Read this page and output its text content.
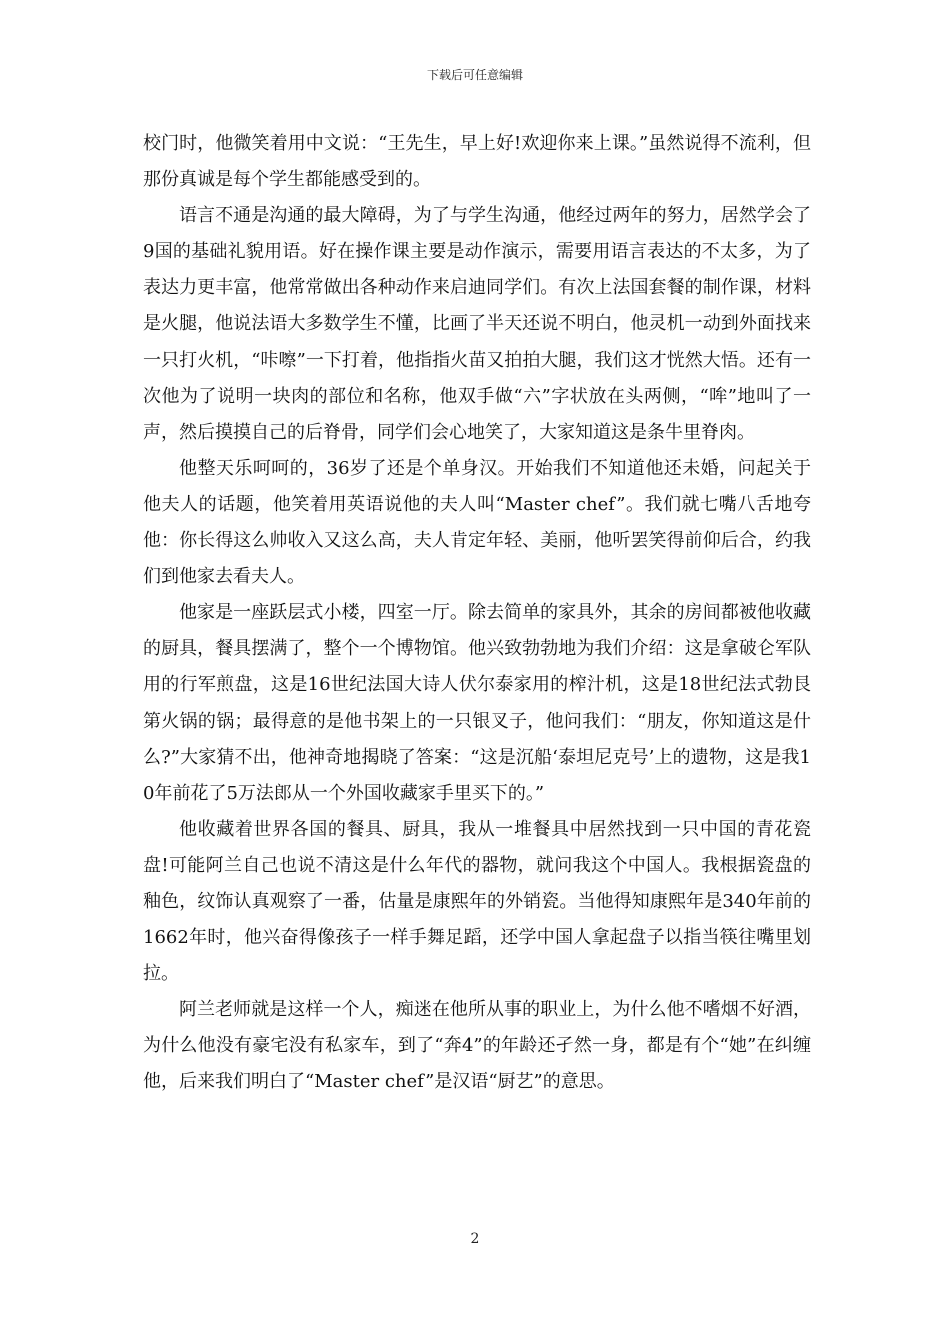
下载后可任意编辑

校门时，他微笑着用中文说：“王先生，早上好!欢迎你来上课。”虽然说得不流利，但那份真诚是每个学生都能感受到的。

语言不通是沟通的最大障碍，为了与学生沟通，他经过两年的努力，居然学会了9国的基础礼貌用语。好在操作课主要是动作演示，需要用语言表达的不太多，为了表达力更丰富，他常常做出各种动作来启迪同学们。有次上法国套餐的制作课，材料是火腿，他说法语大多数学生不懂，比画了半天还说不明白，他灵机一动到外面找来一只打火机，“咔嚓”一下打着，他指指火苗又拍拍大腿，我们这才恍然大悟。还有一次他为了说明一块肉的部位和名称，他双手做“六”字状放在头两侧，“哞”地叫了一声，然后摸摸自己的后脊骨，同学们会心地笑了，大家知道这是条牛里脊肉。

他整天乐呵呵的，36岁了还是个单身汉。开始我们不知道他还未婚，问起关于他夫人的话题，他笑着用英语说他的夫人叫“Master chef”。我们就七嘴八舌地夸他：你长得这么帅收入又这么高，夫人肯定年轻、美丽，他听罢笑得前仰后合，约我们到他家去看夫人。

他家是一座跃层式小楼，四室一厅。除去简单的家具外，其余的房间都被他收藏的厨具，餐具摆满了，整个一个博物馆。他兴致勃勃地为我们介绍：这是拿破仑军队用的行军煎盘，这是16世纪法国大诗人伏尔泰家用的榨汁机，这是18世纪法式勃艮第火锅的锅；最得意的是他书架上的一只银叉子，他问我们：“朋友，你知道这是什么?”大家猜不出，他神奇地揭晓了答案：“这是沉船‘泰坦尼克号’上的遗物，这是我10年前花了5万法郎从一个外国收藏家手里买下的。”

他收藏着世界各国的餐具、厨具，我从一堆餐具中居然找到一只中国的青花瓷盘!可能阿兰自己也说不清这是什么年代的器物，就问我这个中国人。我根据瓷盘的釉色，纹饰认真观察了一番，估量是康熙年的外销瓷。当他得知康熙年是340年前的1662年时，他兴奋得像孩子一样手舞足蹈，还学中国人拿起盘子以指当筷往嘴里划拉。

阿兰老师就是这样一个人，痴迷在他所从事的职业上，为什么他不嗜烟不好酒，为什么他没有豪宅没有私家车，到了“奔4”的年龄还孑然一身，都是有个“她”在纠缠他，后来我们明白了“Master chef”是汉语“厨艺”的意思。

2
